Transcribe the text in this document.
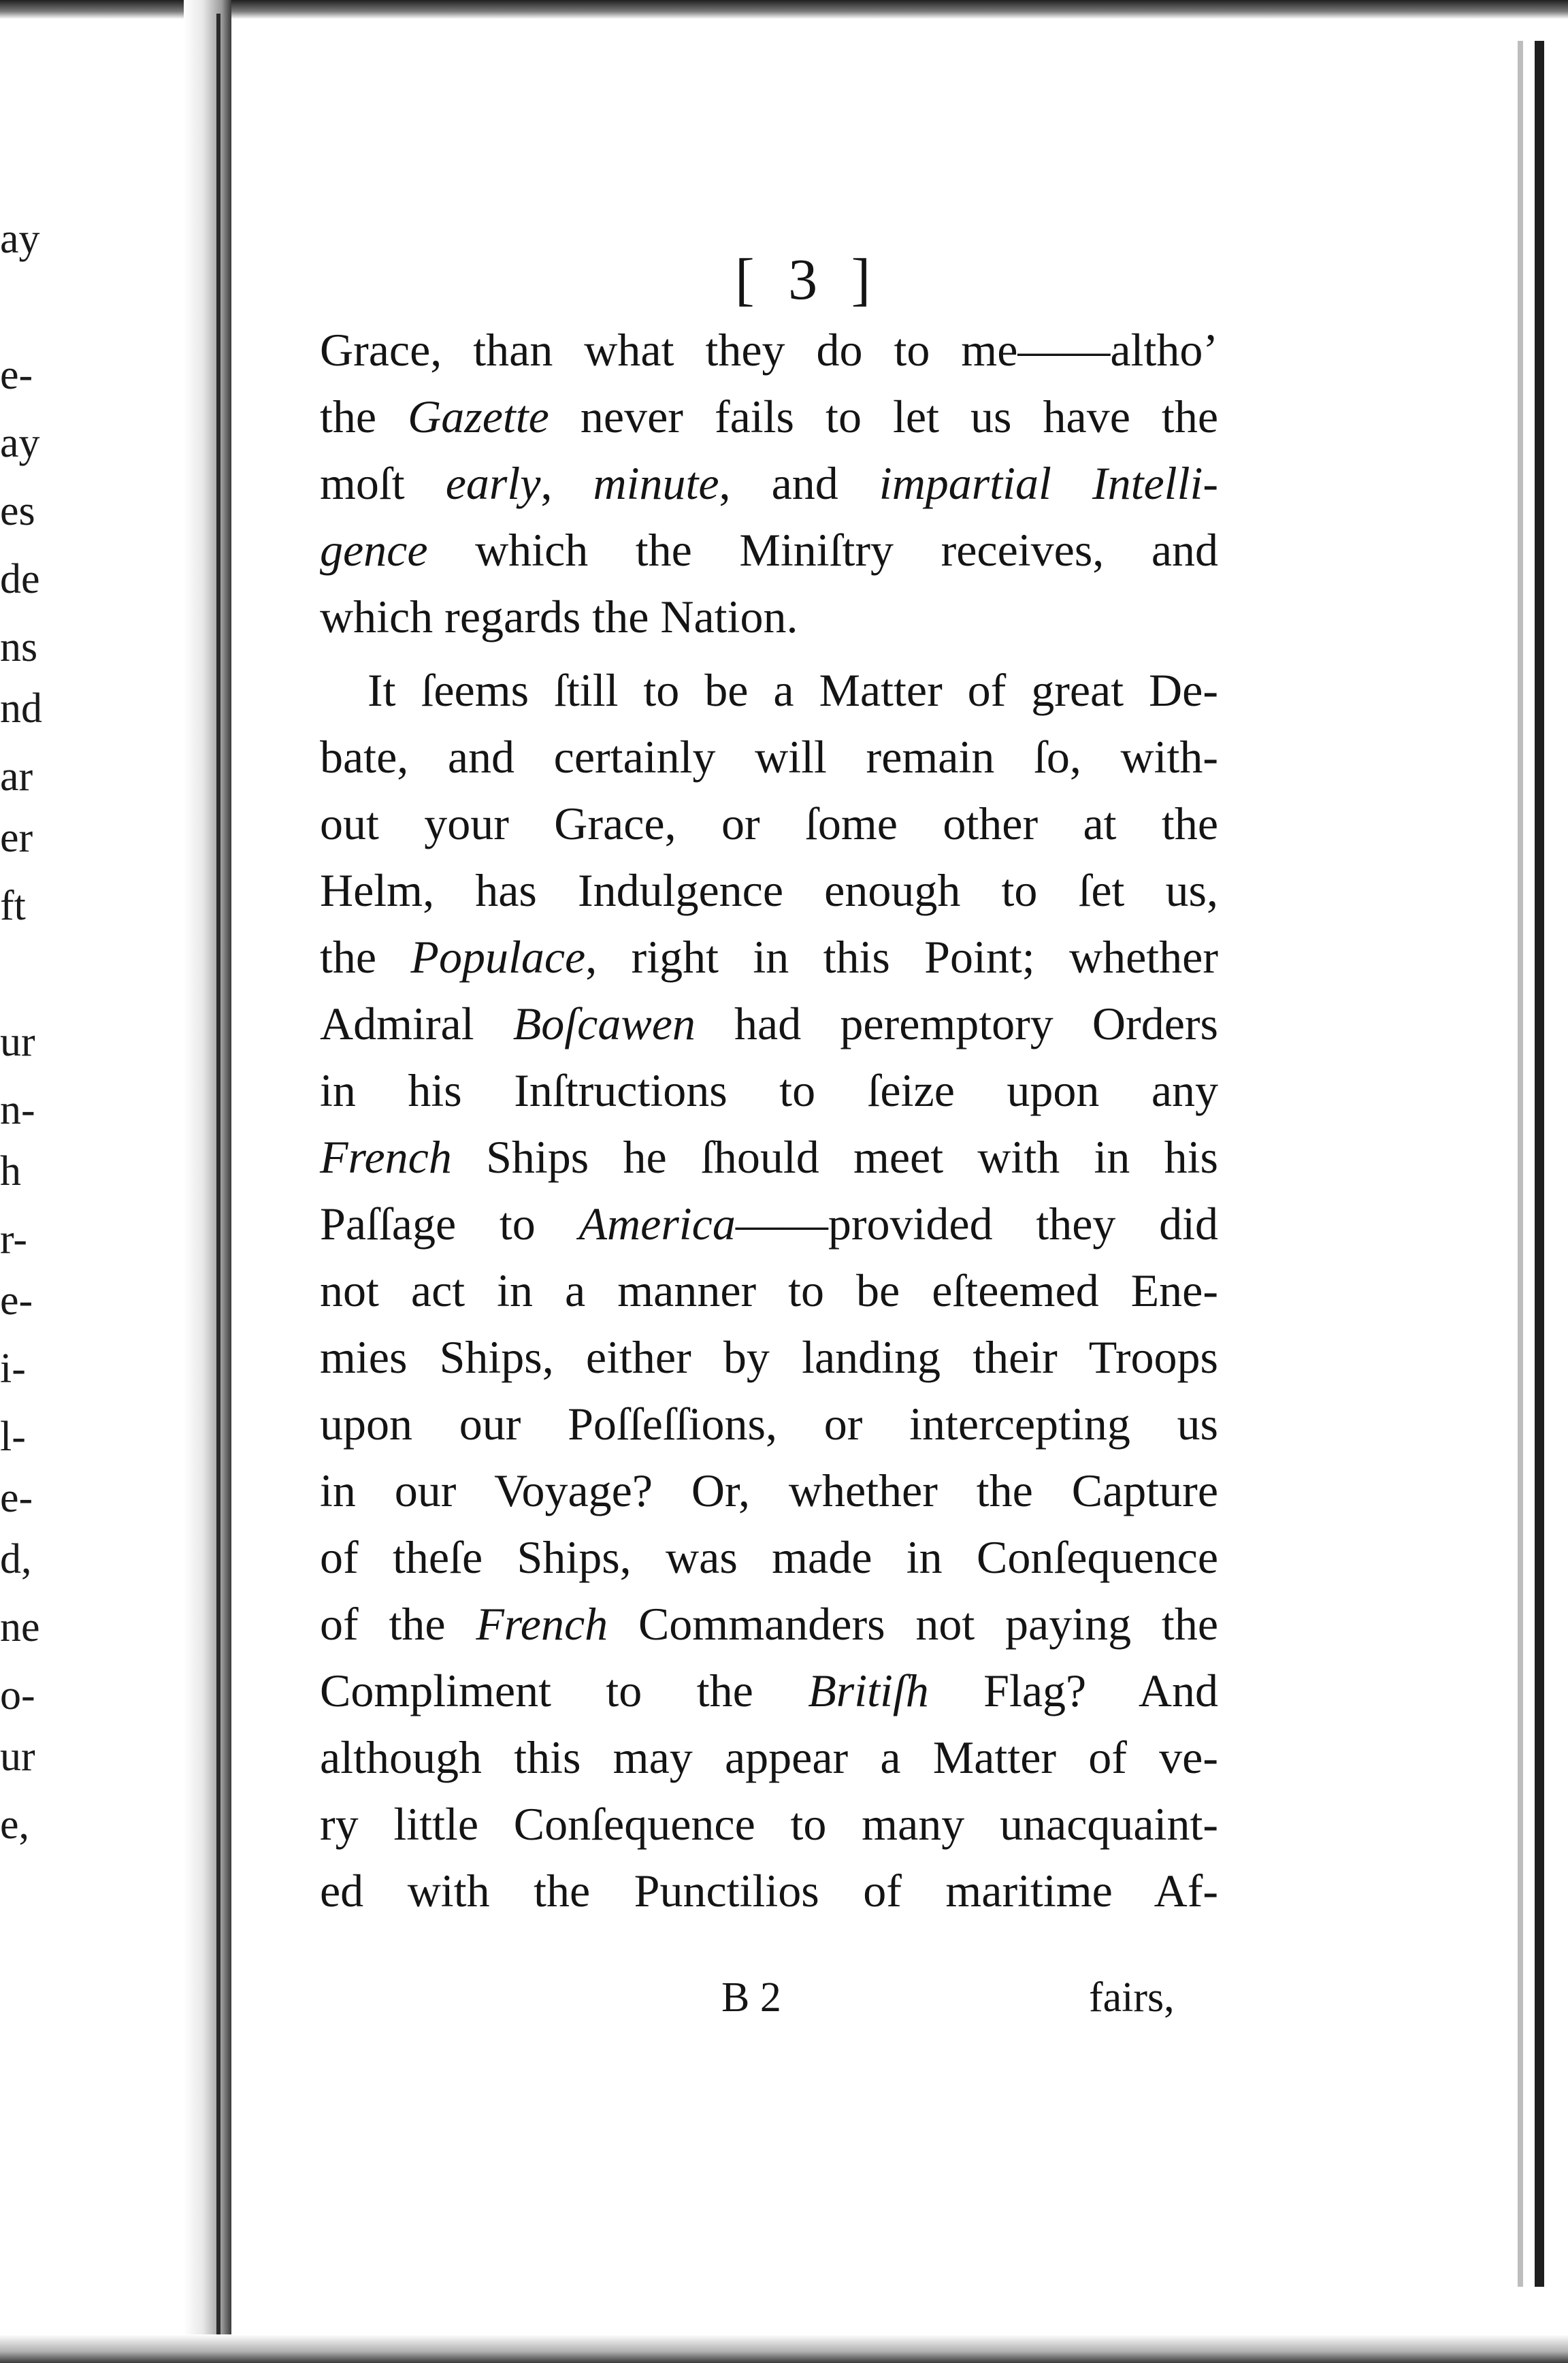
ay
e-
ay
es
de
ns
nd
ar
er
ft
ur
n-
h
r-
e-
i-
l-
e-
d,
ne
o-
ur
e,
[ 3 ]
Grace, than what they do to me——altho’
the Gazette never fails to let us have the
moſt early, minute, and impartial Intelli-
gence which the Miniſtry receives, and
which regards the Nation.
It ſeems ſtill to be a Matter of great De-
bate, and certainly will remain ſo, with-
out your Grace, or ſome other at the
Helm, has Indulgence enough to ſet us,
the Populace, right in this Point; whether
Admiral Boſcawen had peremptory Orders
in his Inſtructions to ſeize upon any
French Ships he ſhould meet with in his
Paſſage to America——provided they did
not act in a manner to be eſteemed Ene-
mies Ships, either by landing their Troops
upon our Poſſeſſions, or intercepting us
in our Voyage? Or, whether the Capture
of theſe Ships, was made in Conſequence
of the French Commanders not paying the
Compliment to the Britiſh Flag? And
although this may appear a Matter of ve-
ry little Conſequence to many unacquaint-
ed with the Punctilios of maritime Af-
B 2	fairs,
